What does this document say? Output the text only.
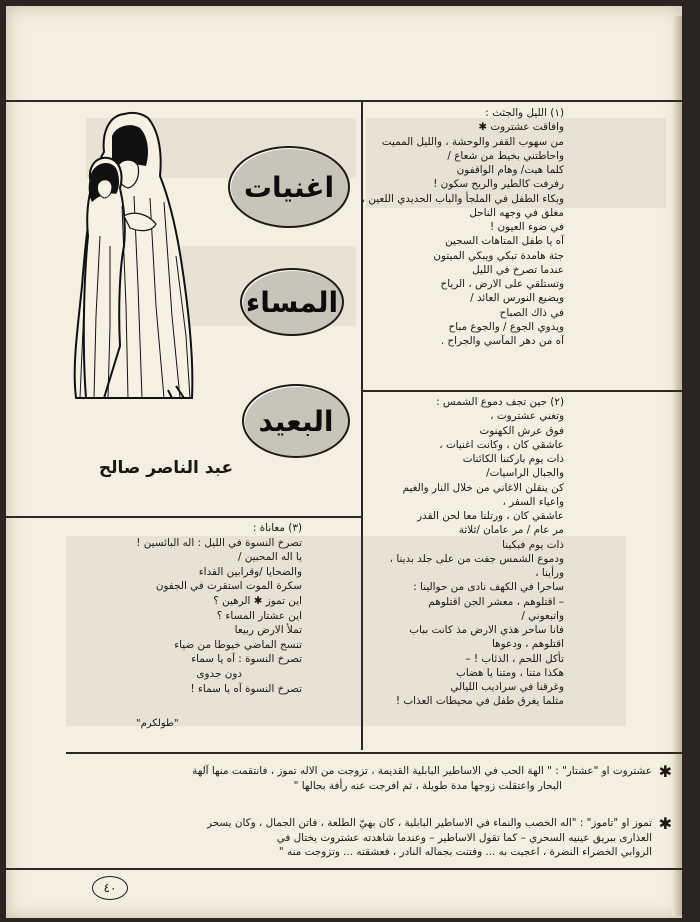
اغنيات
المساء
البعيد
عبد الناصر صالح
(١) الليل والجثث :
وافاقت عشتروت ✱
من سهوب القفر والوحشة ، والليل المميت
واحاطتني بخيط من شعاع /
كلما هبت/ وهام الواقفون
رفرفت كالطير والريح سكون !
وبكاء الطفل في الملجأ والباب الحديدي اللعين ،
مغلق في وجهه الناحل
في ضوء العيون !
آه يا طفل المتاهات السجين
جثة هامدة تبكي ويبكي الميتون
عندما تصرخ في الليل
وتستلقي على الارض ، الرياح
ويضيع النورس العائد /
في ذاك الصباح
ويدوي الجوع / والجوع مباح
آه من دهر المآسي والجراح .
(٢) حين تجف دموع الشمس :
وتغني عشتروت ،
فوق عرش الكهنوت
عاشقي كان ، وكانت اغنيات ،
ذات يوم باركتنا الكائنات
والجبال الراسيات/
كن ينقلن الاغاني من خلال النار والغيم
واعياء السفر ،
عاشقي كان ، ورتلنا معا لحن القدر
مر عام / مر عامان /ثلاثة
ذات يوم فبكينا
ودموع الشمس جفت من على جلد بدينا ،
ورأينا ،
ساحرا في الكهف نادى من حوالينا :
– اقتلوهم ، معشر الجن اقتلوهم
واتبعوني /
فانا ساحر هذي الارض مذ كانت بباب
اقتلوهم ، ودعوها
تأكل اللحم ، الذئاب ! –
هكذا متنا ، ومتنا يا هضاب
وغرقنا في سراديب الليالي
مثلما يغرق طفل في محيطات العذاب !
(٣) معاناة :
تصرخ النسوة في الليل : اله البائسين !
يا اله المحبين /
والضحايا /وقرابين الفداء
سكرة الموت استقرت في الجفون
اين تموز ✱ الرهين ؟
اين عشتار المساء ؟
تملأ الارض ربيعا
تنسج الماضي خيوطا من ضياء
تصرخ النسوة : آه يا سماء
دون جدوى
تصرخ النسوة آه يا سماء !
"طولكرم"
✱
عشتروت او "عشتار" : " الهة الحب في الاساطير البابلية القديمة ، تزوجت من الاله تموز ، فانتقمت منها آلهة
البحار واعتقلت زوجها مدة طويلة ، ثم افرجت عنه رأفة بحالها "
✱
تموز او "تاموز" : "اله الخصب والنماء في الاساطير البابلية ، كان بهيّ الطلعة ، فاتن الجمال ، وكان يسحر
العذارى ببريق عينيه السحري – كما تقول الاساطير – وعندما شاهدته عشتروت يختال في
الروابي الخضراء النضرة ، اعجبت به ... وفتنت بجماله النادر ، فعشقته ... وتزوجت منه "
٤٠
